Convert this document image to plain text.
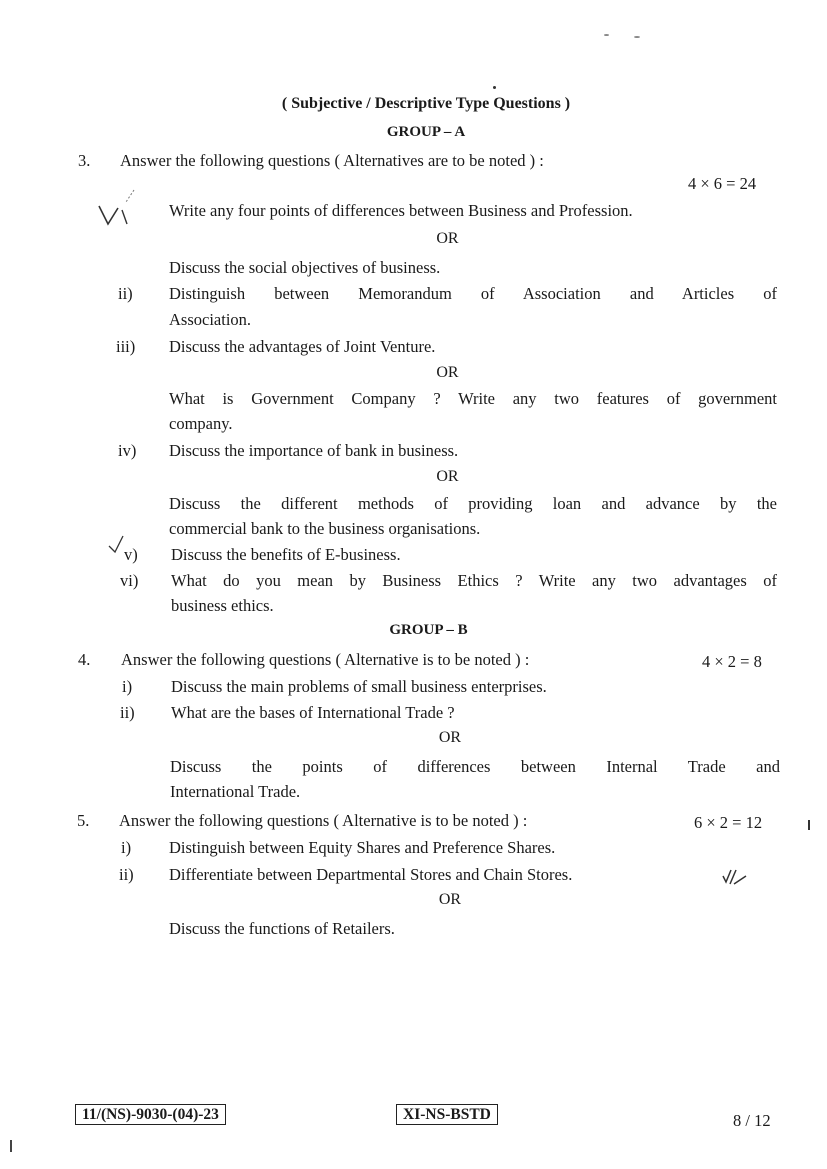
( Subjective / Descriptive Type Questions )
GROUP – A
3. Answer the following questions ( Alternatives are to be noted ) :
4 × 6 = 24
Write any four points of differences between Business and Profession.
OR
Discuss the social objectives of business.
ii) Distinguish between Memorandum of Association and Articles of
Association.
iii) Discuss the advantages of Joint Venture.
OR
What is Government Company ? Write any two features of government
company.
iv) Discuss the importance of bank in business.
OR
Discuss the different methods of providing loan and advance by the
commercial bank to the business organisations.
v) Discuss the benefits of E-business.
vi) What do you mean by Business Ethics ? Write any two advantages of
business ethics.
GROUP – B
4. Answer the following questions ( Alternative is to be noted ) :	4 × 2 = 8
i) Discuss the main problems of small business enterprises.
ii) What are the bases of International Trade ?
OR
Discuss the points of differences between Internal Trade and
International Trade.
5. Answer the following questions ( Alternative is to be noted ) :	6 × 2 = 12
i) Distinguish between Equity Shares and Preference Shares.
ii) Differentiate between Departmental Stores and Chain Stores.
OR
Discuss the functions of Retailers.
11/(NS)-9030-(04)-23	XI-NS-BSTD	8 / 12
